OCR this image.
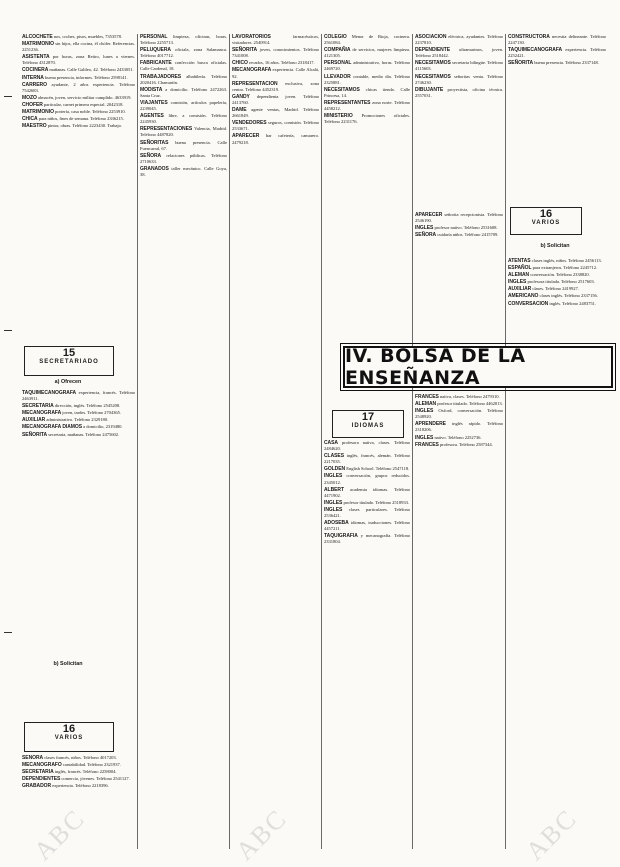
ALCOCHETE nos, coches, pisos, muebles, 7353578.

MATRIMONIO sin hijos, ella cocina, él chófer. Referencias. 2251236.

ASISTENTA por horas, zona Retiro, lunes a viernes. Teléfono 4312870.

COCINERA mañanas. Calle Galileo, 42. Teléfono 2433051.

INTERNA buena presencia, informes. Teléfono 2598141.

CARRERO ayudante, 2 años experiencia. Teléfono 7542683.

MOZO almacén, joven, servicio militar cumplido. 4633919.

CHOFER particular, carnet primera especial. 2042318.

MATRIMONIO portería, casa noble. Teléfono 2253910.

CHICA para niños, fines de semana. Teléfono 2336215.

MAESTRO pintor, obras. Teléfono 2223430. Trabajo.

PERSONAL limpieza, oficinas, horas. Teléfono 2255713.

PELUQUERA oficiala, zona Salamanca. Teléfono 4017712.

FABRICANTE confección busca oficialas. Calle Cardenal, 18.

TRABAJADORES albañilería. Teléfono 2020416. Chamartín.

MODISTA a domicilio. Teléfono 2472263. Santa Cruz.

VIAJANTES comisión, artículos papelería, 2239045.

AGENTES libre, a comisión. Teléfono 2245930.

REPRESENTACIONES Valencia, Madrid. Teléfono 4487820.

SEÑORITAS buena presencia. Calle Fuencarral, 67.

SEÑORA relaciones públicas. Teléfono 2710633.

GRANADOS taller mecánico. Calle Goya, 38.

LAVORATORIOS	farmacéuticos, visitadores. 2540914.

SEÑORITA joven, conocimientos. Teléfono 7341008.

CHICO recados, 16 años. Teléfono 2318417.

MECANOGRAFA experiencia. Calle Alcalá, 92.

REPRESENTACION exclusiva, zona centro. Teléfono 4452319.

GANDY dependienta joven. Teléfono 2413760.

DAME agente ventas, Madrid. Teléfono 2661849.

VENDEDORES seguros, comisión. Teléfono 2533671.

APARECER bar cafetería, camarero. 2479218.

COLEGIO Menor de Rioja, cocinera. 2561084.

COMPAÑIA de servicios, mujeres limpieza. 4121305.

PERSONAL administrativo, horas. Teléfono 2469720.

LLEVADOR contable, medio día. Teléfono 2325881.

NECESITAMOS chicas tienda. Calle Princesa, 14.

REPRESENTANTES zona norte. Teléfono 4458212.

MINISTERIO Promociones oficiales. Teléfono 2231176.

ASOCIACION eléctrica, ayudantes. Teléfono 2237810.

DEPENDIENTE ultramarinos, joven. Teléfono 2518442.

NECESITAMOS secretaria bilingüe. Teléfono 4115603.

NECESITAMOS señoritas venta. Teléfono 2746230.

DIBUJANTE proyectista, oficina técnica. 2557031.

CONSTRUCTORA necesita delineante. Teléfono 2247130.

TAQUIMECANOGRAFA experiencia. Teléfono 2252421.

SEÑORITA buena presencia. Teléfono 2337148.

TAQUIMECANOGRAFA experiencia, francés. Teléfono 2463911.

SECRETARIA dirección, inglés. Teléfono 2545208.

MECANOGRAFA joven, tardes. Teléfono 2704365.

AUXILIAR administrativo. Teléfono 2329180.

MECANOGRAFA DIAMOS a domicilio, 2319480.

SEÑORITA secretaria, mañanas. Teléfono 2475602.

SEÑORA clases francés, niños. Teléfono 4017203.

MECANOGRAFO contabilidad. Teléfono 2321937.

SECRETARIA inglés, francés. Teléfono 2258004.

DEPENDIENTES comercio, jóvenes. Teléfono 2541127.

GRABADOR experiencia. Teléfono 2218396.

APARECER señorita recepcionista. Teléfono 2546190.

INGLES profesor nativo. Teléfono 2531608.

SEÑORA cuidaría niños. Teléfono 2415709.

CASA profesora nativa, clases. Teléfono 2484620.

CLASES inglés, francés, alemán. Teléfono 2217035.

GOLDEN English School. Teléfono 2547118.

INGLES conversación, grupos reducidos. 2345012.

ALBERT academia idiomas. Teléfono 4471902.

INGLES profesor titulado. Teléfono 2518933.

INGLES clases particulares. Teléfono 2536421.

ADOSEBA idiomas, traducciones. Teléfono 4457211.

TAQUIGRAFIA y mecanografía. Teléfono 2331804.

FRANCES nativa, clases. Teléfono 2479310.

ALEMAN profesor titulado. Teléfono 4462013.

INGLES Oxford, conversación. Teléfono 2548920.

APRENDERE inglés rápido. Teléfono 2318206.

INGLES nativo. Teléfono 2252736.

FRANCES profesora. Teléfono 2587344.

ATENTAS clases inglés, niños. Teléfono 2456113.

ESPAÑOL para extranjeros. Teléfono 2245712.

ALEMAN conversación. Teléfono 2338820.

INGLES profesora titulada. Teléfono 2517603.

AUXILIAR clases. Teléfono 2419927.

AMERICANO clases inglés. Teléfono 2337156.

CONVERSACION inglés. Teléfono 2483751.

15
SECRETARIADO
a) Ofrecen
b) Solicitan
16
VARIOS
16
VARIOS
b) Solicitan
IV. BOLSA DE LA ENSEÑANZA
17
IDIOMAS
ABC	ABC	ABC
